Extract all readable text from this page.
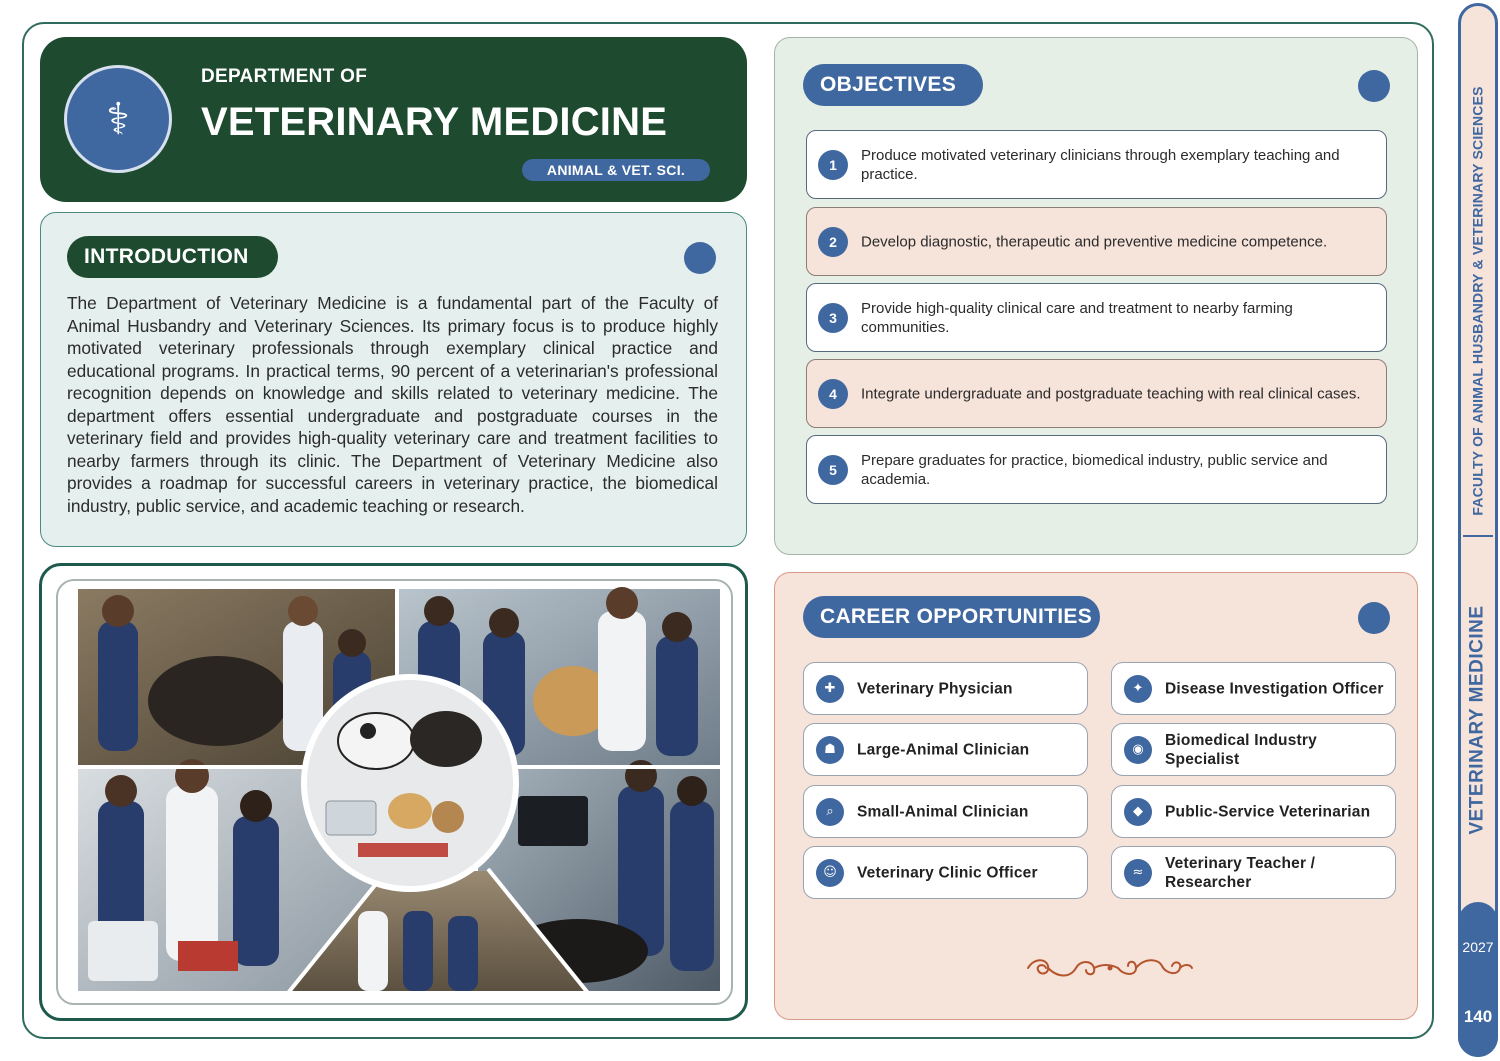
⚕
DEPARTMENT OF
VETERINARY MEDICINE
ANIMAL & VET. SCI.
INTRODUCTION
The Department of Veterinary Medicine is a fundamental part of the Faculty of Animal Husbandry and Veterinary Sciences. Its primary focus is to produce highly motivated veterinary professionals through exemplary clinical practice and educational programs. In practical terms, 90 percent of a veterinarian's professional recognition depends on knowledge and skills related to veterinary medicine. The department offers essential undergraduate and postgraduate courses in the veterinary field and provides high-quality veterinary care and treatment facilities to nearby farmers through its clinic. The Department of Veterinary Medicine also provides a roadmap for successful careers in veterinary practice, the biomedical industry, public service, and academic teaching or research.
OBJECTIVES
1
Produce motivated veterinary clinicians through exemplary teaching and practice.
2	Develop diagnostic, therapeutic and preventive medicine competence.
3
Provide high-quality clinical care and treatment to nearby farming communities.
4	Integrate undergraduate and postgraduate teaching with real clinical cases.
5
Prepare graduates for practice, biomedical industry, public service and academia.
CAREER OPPORTUNITIES
✚	Veterinary Physician	✦	Disease Investigation Officer
☗	Large-Animal Clinician	◉
Biomedical Industry Specialist
⌕	Small-Animal Clinician	◆	Public-Service Veterinarian
☺	Veterinary Clinic Officer	≈
Veterinary Teacher / Researcher
FACULTY OF ANIMAL HUSBANDRY & VETERINARY SCIENCES
VETERINARY MEDICINE
2027
140
